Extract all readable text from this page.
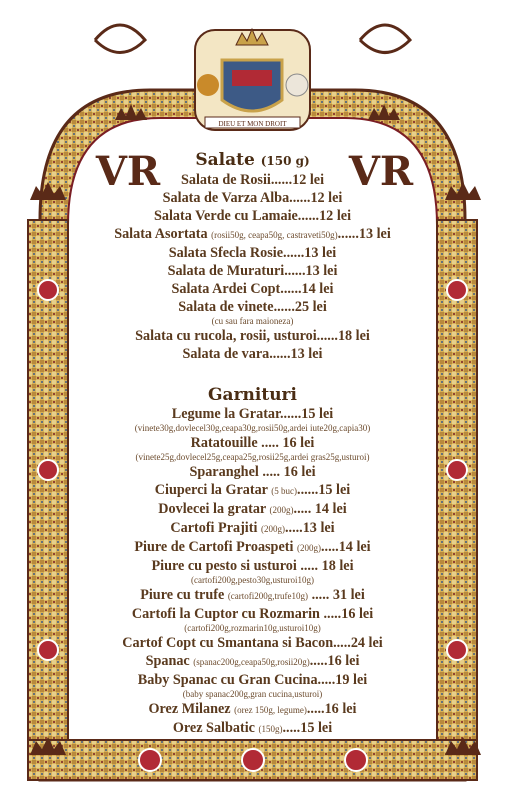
DIEU ET MON DROIT
VR	VR
Salate (150 g)
Salata de Rosii......12 lei
Salata de Varza Alba......12 lei
Salata Verde cu Lamaie......12 lei
Salata Asortata (rosii50g, ceapa50g, castraveti50g)......13 lei
Salata Sfecla Rosie......13 lei
Salata de Muraturi......13 lei
Salata Ardei Copt......14 lei
Salata de vinete......25 lei
(cu sau fara maioneza)
Salata cu rucola, rosii, usturoi......18 lei
Salata de vara......13 lei
Garnituri
Legume la Gratar......15 lei
(vinete30g,dovlecel30g,ceapa30g,rosii50g,ardei iute20g,capia30)
Ratatouille ..... 16 lei
(vinete25g,dovlecel25g,ceapa25g,rosii25g,ardei gras25g,usturoi)
Sparanghel ..... 16 lei
Ciuperci la Gratar (5 buc)......15 lei
Dovlecei la gratar (200g)..... 14 lei
Cartofi Prajiti (200g).....13 lei
Piure de Cartofi Proaspeti (200g).....14 lei
Piure cu pesto si usturoi ..... 18 lei
(cartofi200g,pesto30g,usturoi10g)
Piure cu trufe (cartofi200g,trufe10g) ..... 31 lei
Cartofi la Cuptor cu Rozmarin .....16 lei
(cartofi200g,rozmarin10g,usturoi10g)
Cartof Copt cu Smantana si Bacon.....24 lei
Spanac (spanac200g,ceapa50g,rosii20g).....16 lei
Baby Spanac cu Gran Cucina.....19 lei
(baby spanac200g,gran cucina,usturoi)
Orez Milanez (orez 150g, legume).....16 lei
Orez Salbatic (150g).....15 lei
